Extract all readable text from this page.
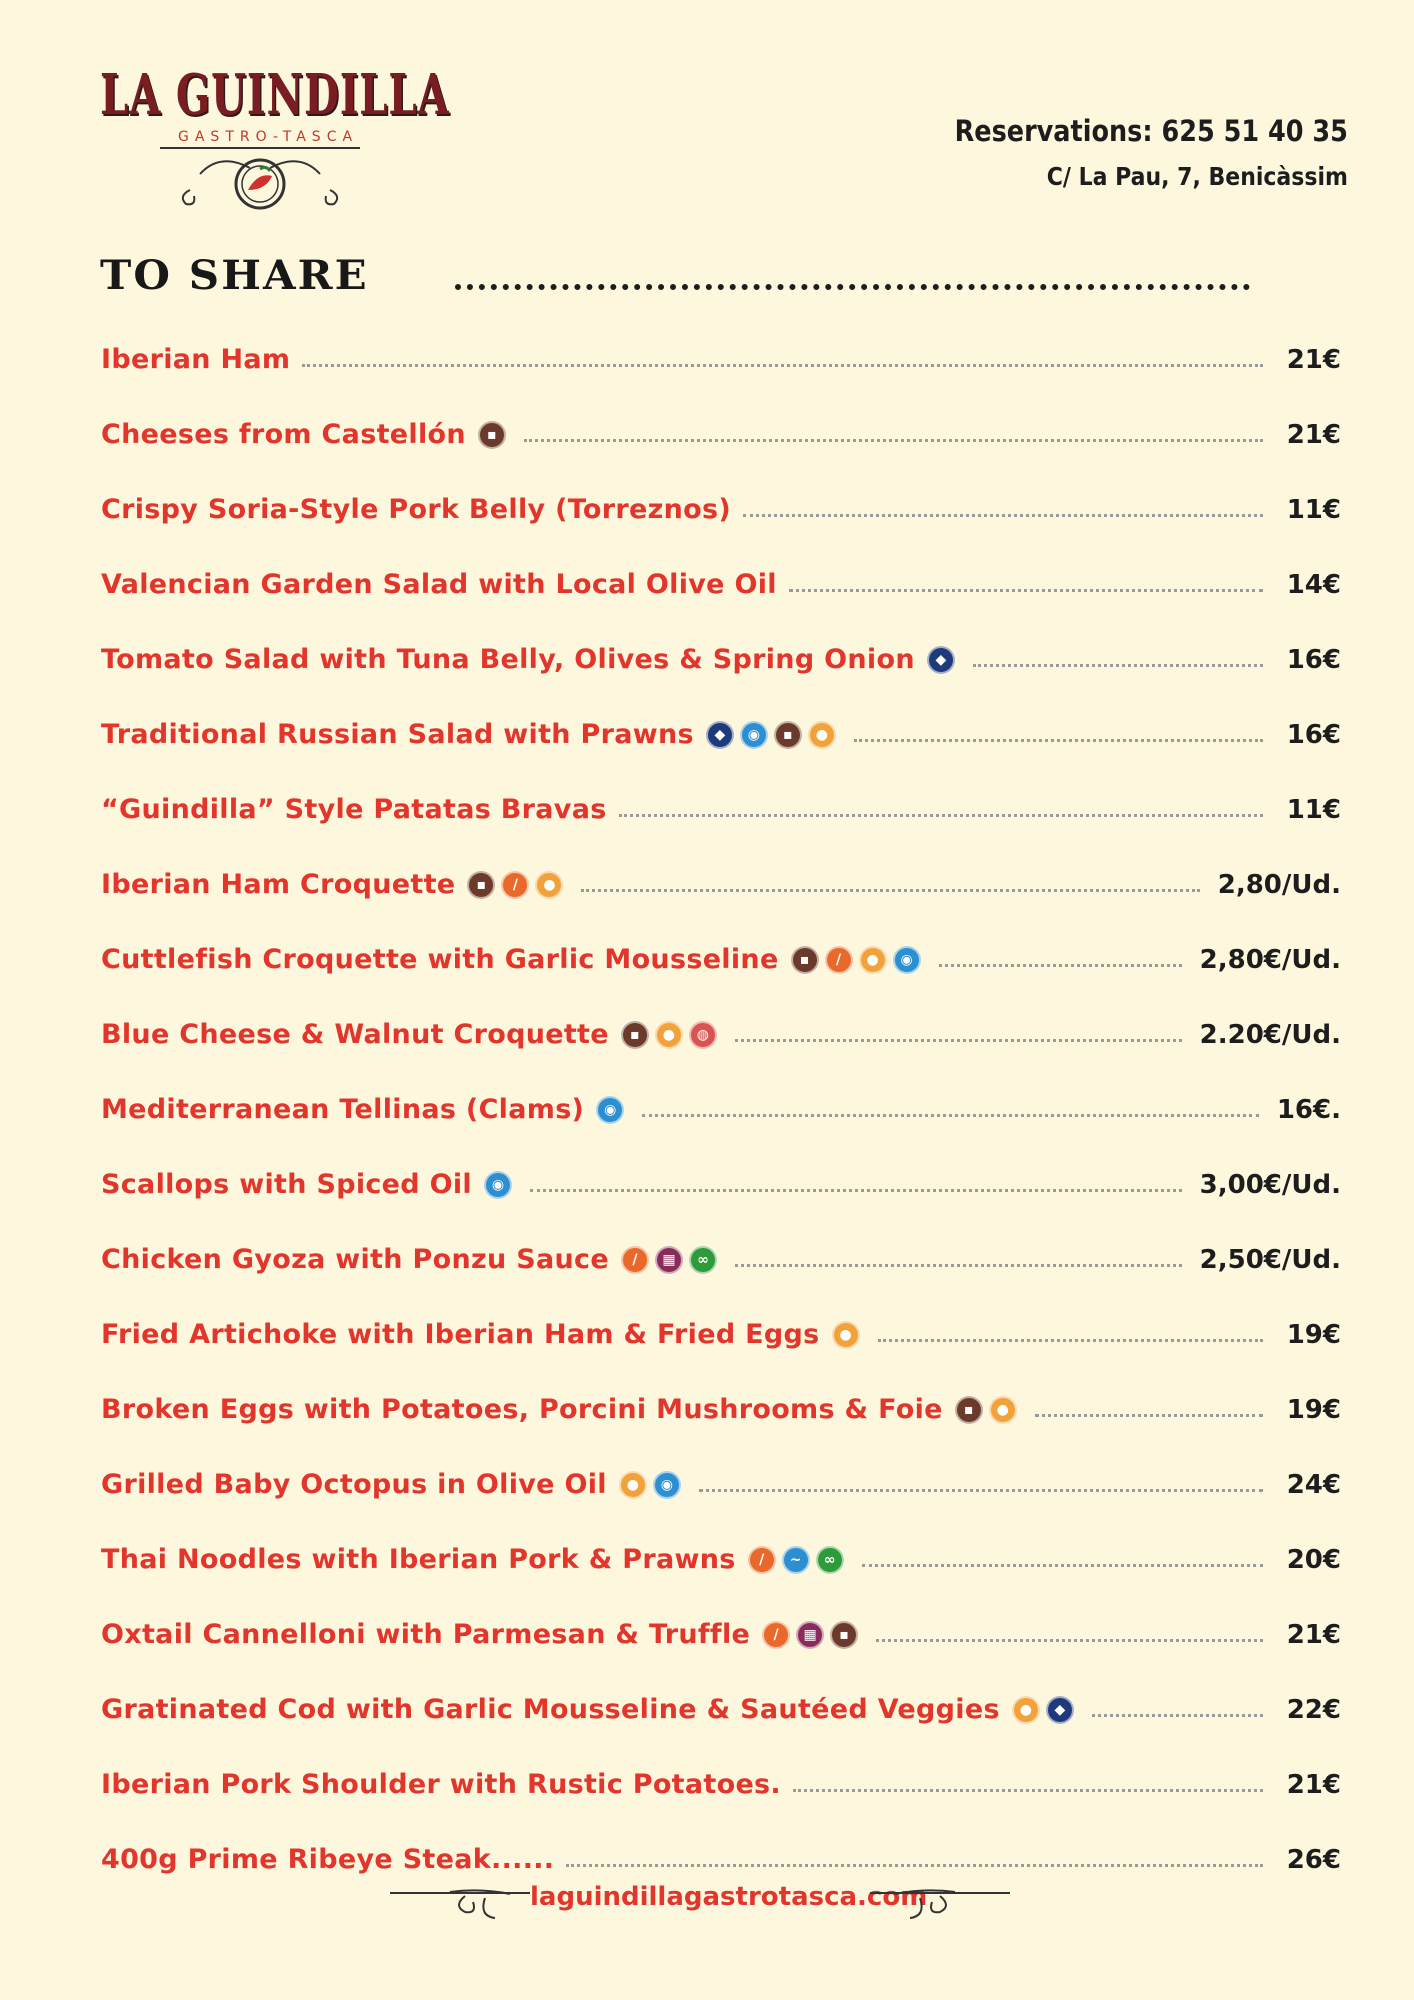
LA GUINDILLA
GASTRO-TASCA	Reservations: 625 51 40 35
C/ La Pau, 7, Benicàssim
TO SHARE
Iberian Ham	21€
Cheeses from Castellón	▪	21€
Crispy Soria-Style Pork Belly (Torreznos)	11€
Valencian Garden Salad with Local Olive Oil	14€
Tomato Salad with Tuna Belly, Olives & Spring Onion	◆	16€
Traditional Russian Salad with Prawns	◆	◉	▪	●	16€
“Guindilla” Style Patatas Bravas	11€
Iberian Ham Croquette	▪	/	●	2,80/Ud.
Cuttlefish Croquette with Garlic Mousseline	▪	/	●	◉	2,80€/Ud.
Blue Cheese & Walnut Croquette	▪	●	◍	2.20€/Ud.
Mediterranean Tellinas (Clams)	◉	16€.
Scallops with Spiced Oil	◉	3,00€/Ud.
Chicken Gyoza with Ponzu Sauce	/	▦	∞	2,50€/Ud.
Fried Artichoke with Iberian Ham & Fried Eggs	●	19€
Broken Eggs with Potatoes, Porcini Mushrooms & Foie	▪	●	19€
Grilled Baby Octopus in Olive Oil	●	◉	24€
Thai Noodles with Iberian Pork & Prawns	/	~	∞	20€
Oxtail Cannelloni with Parmesan & Truffle	/	▦	▪	21€
Gratinated Cod with Garlic Mousseline & Sautéed Veggies	●	◆	22€
Iberian Pork Shoulder with Rustic Potatoes.	21€
400g Prime Ribeye Steak......	26€
laguindillagastrotasca.com
